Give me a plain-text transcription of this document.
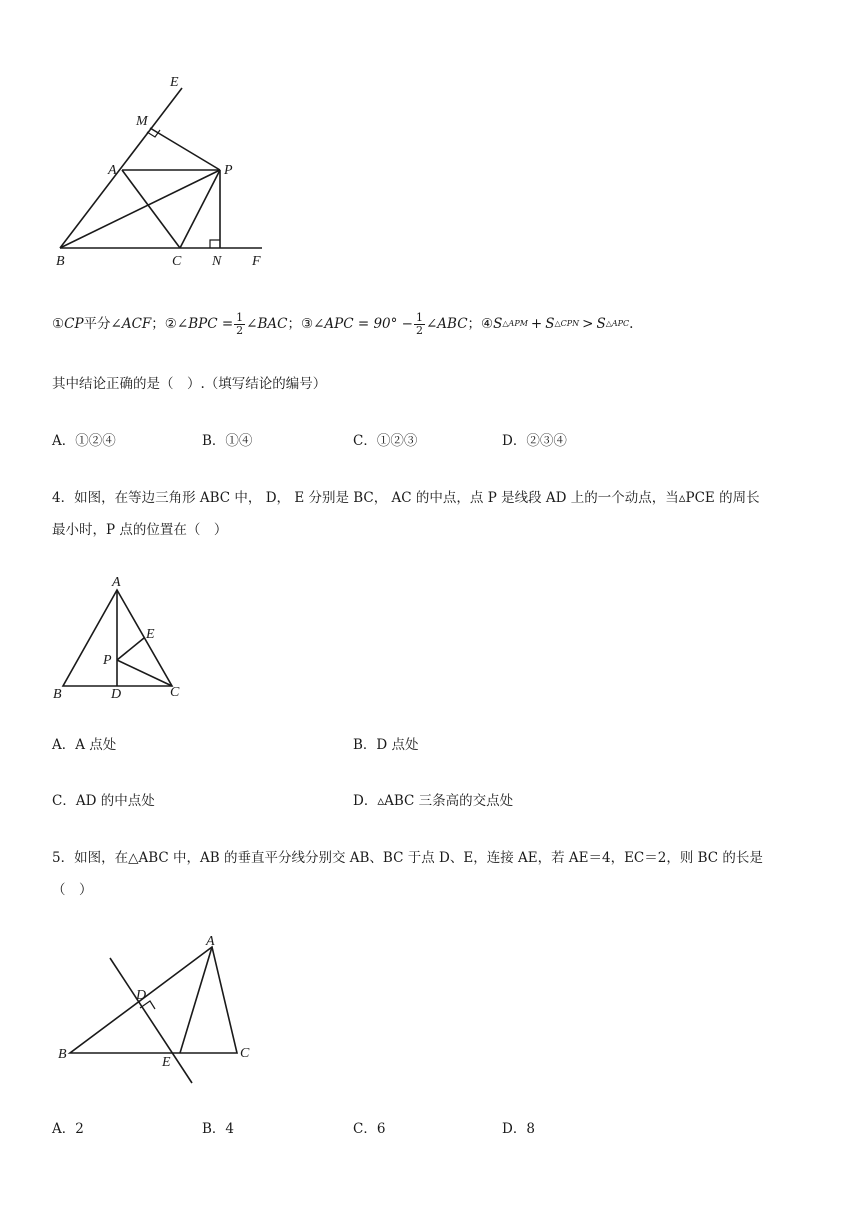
E
M
A	P
B	C N F
① CP 平分 ∠ACF ； ② ∠BPC = $\frac{1}{2}$ ∠BAC ； ③ ∠APC = $90^\circ - \frac{1}{2}$ ∠ABC ； ④ S △APM + S △CPN > S △APC .
其中结论正确的是（　）.（填写结论的编号）
A．①②④	B．①④	C．①②③	D．②③④
4．如图，在等边三角形 ABC 中， D， E 分别是 BC， AC 的中点，点 P 是线段 AD 上的一个动点，当▵PCE 的周长
最小时，P 点的位置在（　）
A
E
P
B	D	C
A．A 点处	B．D 点处
C．AD 的中点处	D．▵ABC 三条高的交点处
5．如图，在△ABC 中，AB 的垂直平分线分别交 AB、BC 于点 D、E，连接 AE，若 AE＝4，EC＝2，则 BC 的长是
（　）
A
D
B
E
C
A．2	B．4	C．6	D．8
